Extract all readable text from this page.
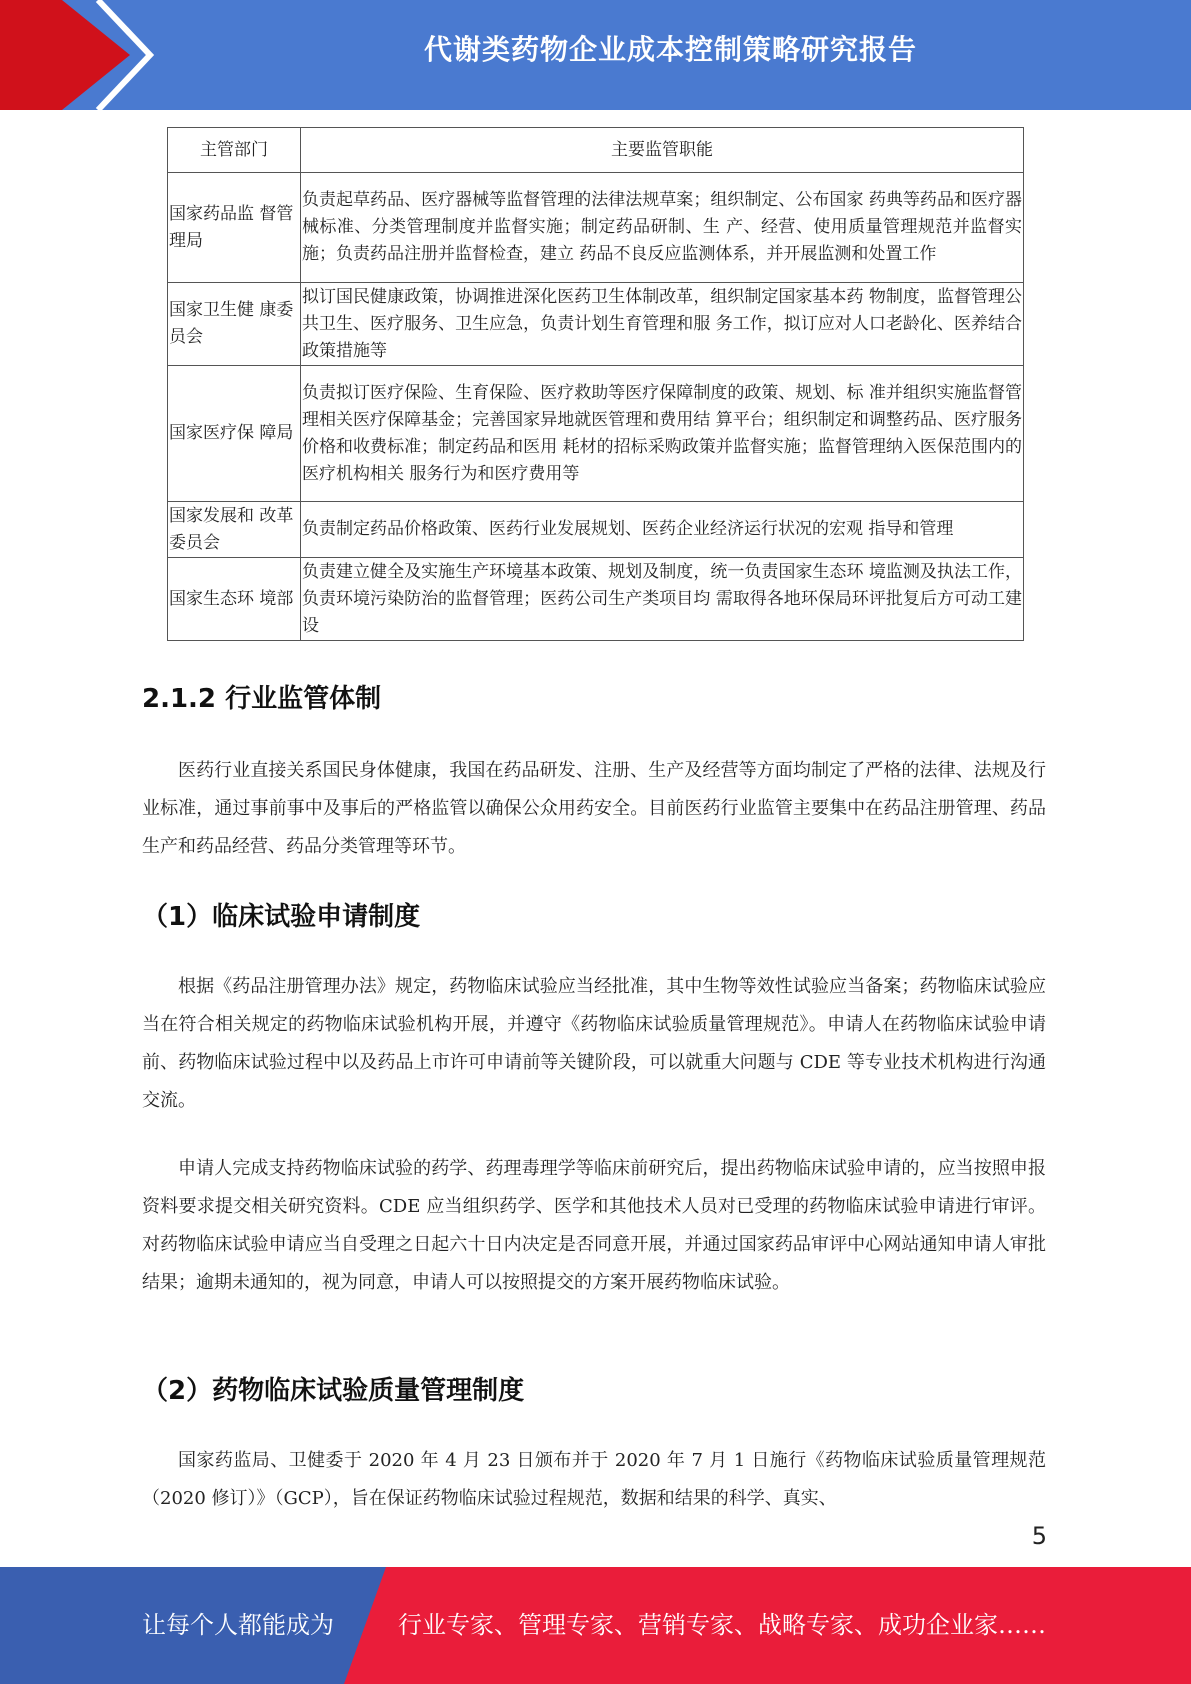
代谢类药物企业成本控制策略研究报告
主管部门	主要监管职能
国家药品监 督管理局	负责起草药品、医疗器械等监督管理的法律法规草案；组织制定、公布国家 药典等药品和医疗器械标准、分类管理制度并监督实施；制定药品研制、生 产、经营、使用质量管理规范并监督实施；负责药品注册并监督检查，建立 药品不良反应监测体系，并开展监测和处置工作
国家卫生健 康委员会	拟订国民健康政策，协调推进深化医药卫生体制改革，组织制定国家基本药 物制度，监督管理公共卫生、医疗服务、卫生应急，负责计划生育管理和服 务工作，拟订应对人口老龄化、医养结合政策措施等
国家医疗保 障局	负责拟订医疗保险、生育保险、医疗救助等医疗保障制度的政策、规划、标 准并组织实施监督管理相关医疗保障基金；完善国家异地就医管理和费用结 算平台；组织制定和调整药品、医疗服务价格和收费标准；制定药品和医用 耗材的招标采购政策并监督实施；监督管理纳入医保范围内的医疗机构相关 服务行为和医疗费用等
国家发展和 改革委员会	负责制定药品价格政策、医药行业发展规划、医药企业经济运行状况的宏观 指导和管理
国家生态环 境部	负责建立健全及实施生产环境基本政策、规划及制度，统一负责国家生态环 境监测及执法工作，负责环境污染防治的监督管理；医药公司生产类项目均 需取得各地环保局环评批复后方可动工建设
2.1.2 行业监管体制
医药行业直接关系国民身体健康，我国在药品研发、注册、生产及经营等方面均制定了严格的法律、法规及行业标准，通过事前事中及事后的严格监管以确保公众用药安全。目前医药行业监管主要集中在药品注册管理、药品生产和药品经营、药品分类管理等环节。
（1）临床试验申请制度
根据《药品注册管理办法》规定，药物临床试验应当经批准，其中生物等效性试验应当备案；药物临床试验应当在符合相关规定的药物临床试验机构开展，并遵守《药物临床试验质量管理规范》。申请人在药物临床试验申请前、药物临床试验过程中以及药品上市许可申请前等关键阶段，可以就重大问题与 CDE 等专业技术机构进行沟通交流。
申请人完成支持药物临床试验的药学、药理毒理学等临床前研究后，提出药物临床试验申请的，应当按照申报资料要求提交相关研究资料。CDE 应当组织药学、医学和其他技术人员对已受理的药物临床试验申请进行审评。对药物临床试验申请应当自受理之日起六十日内决定是否同意开展，并通过国家药品审评中心网站通知申请人审批结果；逾期未通知的，视为同意，申请人可以按照提交的方案开展药物临床试验。
（2）药物临床试验质量管理制度
国家药监局、卫健委于 2020 年 4 月 23 日颁布并于 2020 年 7 月 1 日施行《药物临床试验质量管理规范（2020 修订）》（GCP），旨在保证药物临床试验过程规范，数据和结果的科学、真实、
5
让每个人都能成为	行业专家、管理专家、营销专家、战略专家、成功企业家……
